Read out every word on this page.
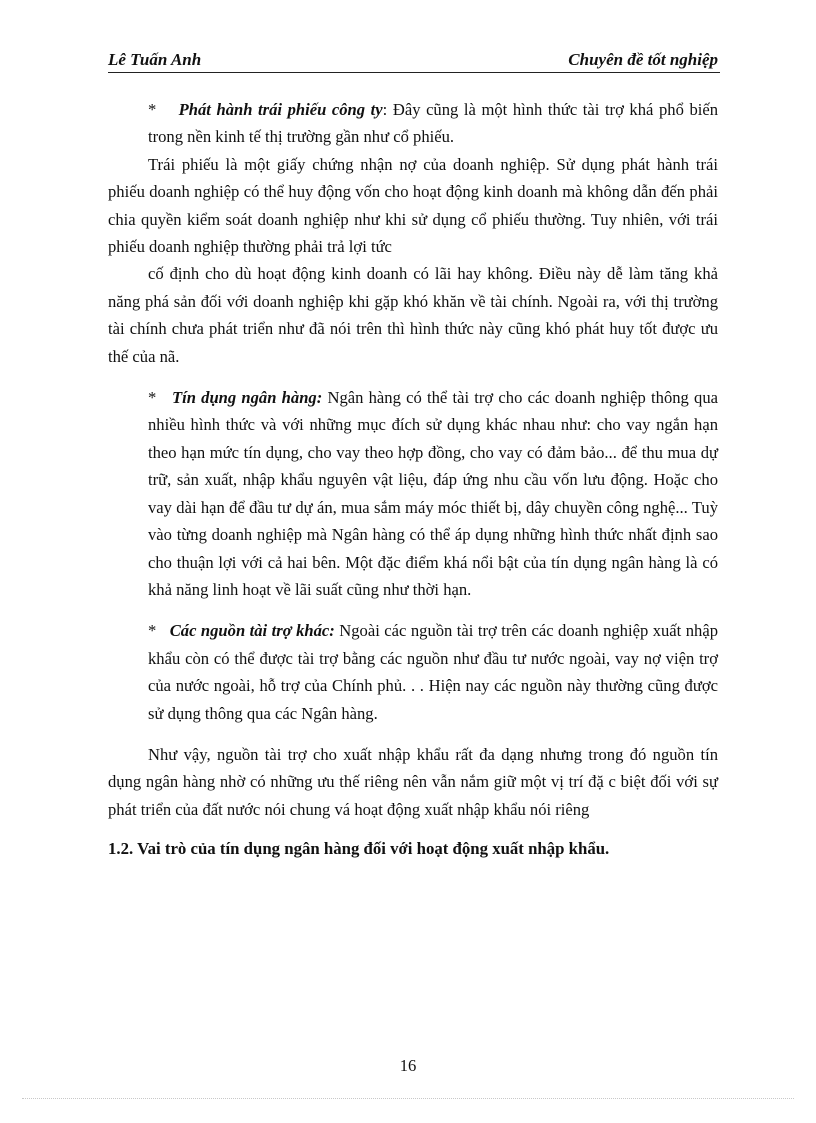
Lê Tuấn Anh	Chuyên đề tốt nghiệp

* Phát hành trái phiếu công ty: Đây cũng là một hình thức tài trợ khá phổ biến trong nền kinh tế thị trường gần như cổ phiếu.

Trái phiếu là một giấy chứng nhận nợ của doanh nghiệp. Sử dụng phát hành trái phiếu doanh nghiệp có thể huy động vốn cho hoạt động kinh doanh mà không dẫn đến phải chia quyền kiểm soát doanh nghiệp như khi sử dụng cổ phiếu thường. Tuy nhiên, với trái phiếu doanh nghiệp thường phải trả lợi tức

cố định cho dù hoạt động kinh doanh có lãi hay không. Điều này dễ làm tăng khả năng phá sản đối với doanh nghiệp khi gặp khó khăn về tài chính. Ngoài ra, với thị trường tài chính chưa phát triển như đã nói trên thì hình thức này cũng khó phát huy tốt được ưu thế của nã.

* Tín dụng ngân hàng: Ngân hàng có thể tài trợ cho các doanh nghiệp thông qua nhiều hình thức và với những mục đích sử dụng khác nhau như: cho vay ngắn hạn theo hạn mức tín dụng, cho vay theo hợp đồng, cho vay có đảm bảo... để thu mua dự trữ, sản xuất, nhập khẩu nguyên vật liệu, đáp ứng nhu cầu vốn lưu động. Hoặc cho vay dài hạn để đầu tư dự án, mua sắm máy móc thiết bị, dây chuyền công nghệ... Tuỳ vào từng doanh nghiệp mà Ngân hàng có thể áp dụng những hình thức nhất định sao cho thuận lợi với cả hai bên. Một đặc điểm khá nổi bật của tín dụng ngân hàng là có khả năng linh hoạt về lãi suất cũng như thời hạn.

* Các nguồn tài trợ khác: Ngoài các nguồn tài trợ trên các doanh nghiệp xuất nhập khẩu còn có thể được tài trợ bằng các nguồn như đầu tư nước ngoài, vay nợ viện trợ của nước ngoài, hỗ trợ của Chính phủ. . . Hiện nay các nguồn này thường cũng được sử dụng thông qua các Ngân hàng.

Như vậy, nguồn tài trợ cho xuất nhập khẩu rất đa dạng nhưng trong đó nguồn tín dụng ngân hàng nhờ có những ưu thế riêng nên vẫn nắm giữ một vị trí đặ c biệt đối với sự phát triển của đất nước nói chung vá hoạt động xuất nhập khẩu nói riêng

1.2. Vai trò của tín dụng ngân hàng đối với hoạt động xuất nhập khẩu.

16
